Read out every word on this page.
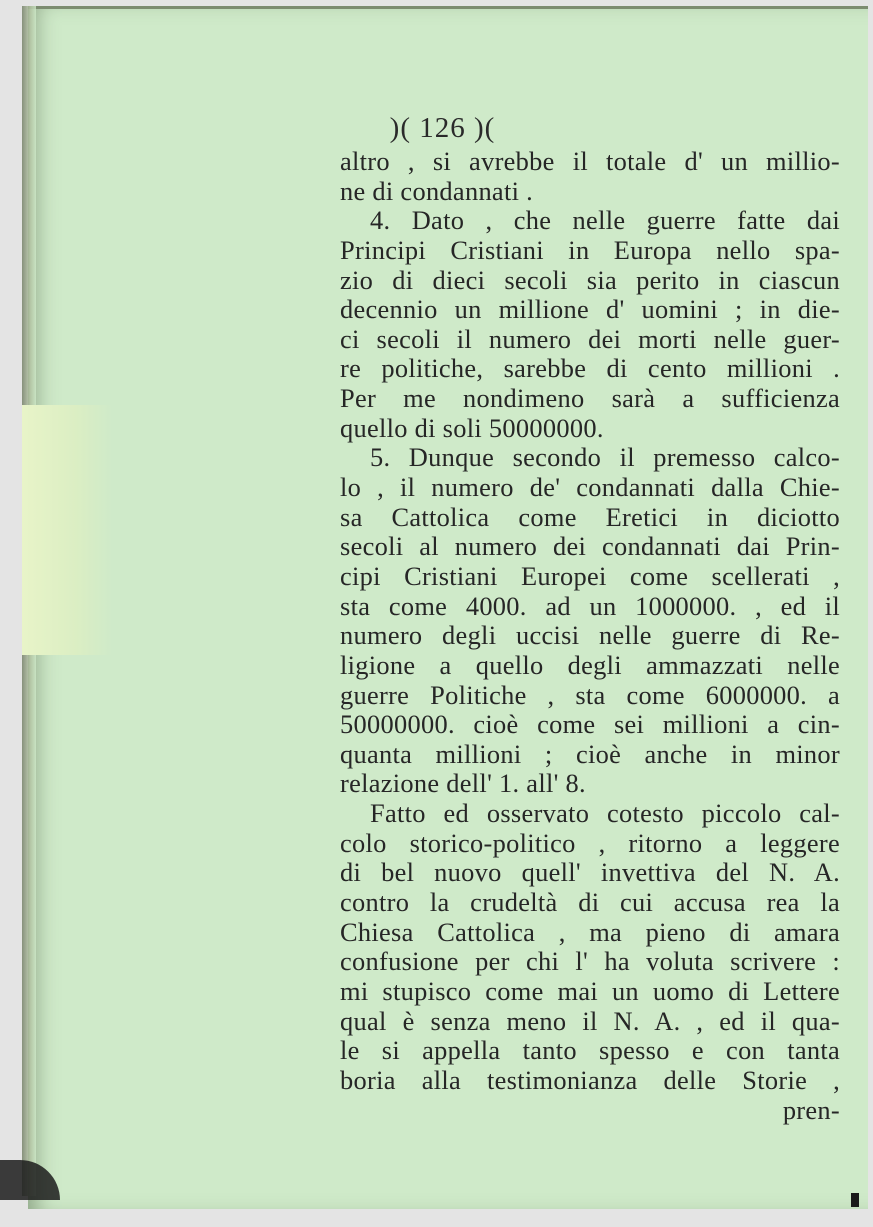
)( 126 )(
altro , si avrebbe il totale d' un millio-
ne di condannati .
4. Dato , che nelle guerre fatte dai
Principi Cristiani in Europa nello spa-
zio di dieci secoli sia perito in ciascun
decennio un millione d' uomini ; in die-
ci secoli il numero dei morti nelle guer-
re politiche, sarebbe di cento millioni .
Per me nondimeno sarà a sufficienza
quello di soli 50000000.
5. Dunque secondo il premesso calco-
lo , il numero de' condannati dalla Chie-
sa Cattolica come Eretici in diciotto
secoli al numero dei condannati dai Prin-
cipi Cristiani Europei come scellerati ,
sta come 4000. ad un 1000000. , ed il
numero degli uccisi nelle guerre di Re-
ligione a quello degli ammazzati nelle
guerre Politiche , sta come 6000000. a
50000000. cioè come sei millioni a cin-
quanta millioni ; cioè anche in minor
relazione dell' 1. all' 8.
Fatto ed osservato cotesto piccolo cal-
colo storico-politico , ritorno a leggere
di bel nuovo quell' invettiva del N. A.
contro la crudeltà di cui accusa rea la
Chiesa Cattolica , ma pieno di amara
confusione per chi l' ha voluta scrivere :
mi stupisco come mai un uomo di Lettere
qual è senza meno il N. A. , ed il qua-
le si appella tanto spesso e con tanta
boria alla testimonianza delle Storie ,
pren-
